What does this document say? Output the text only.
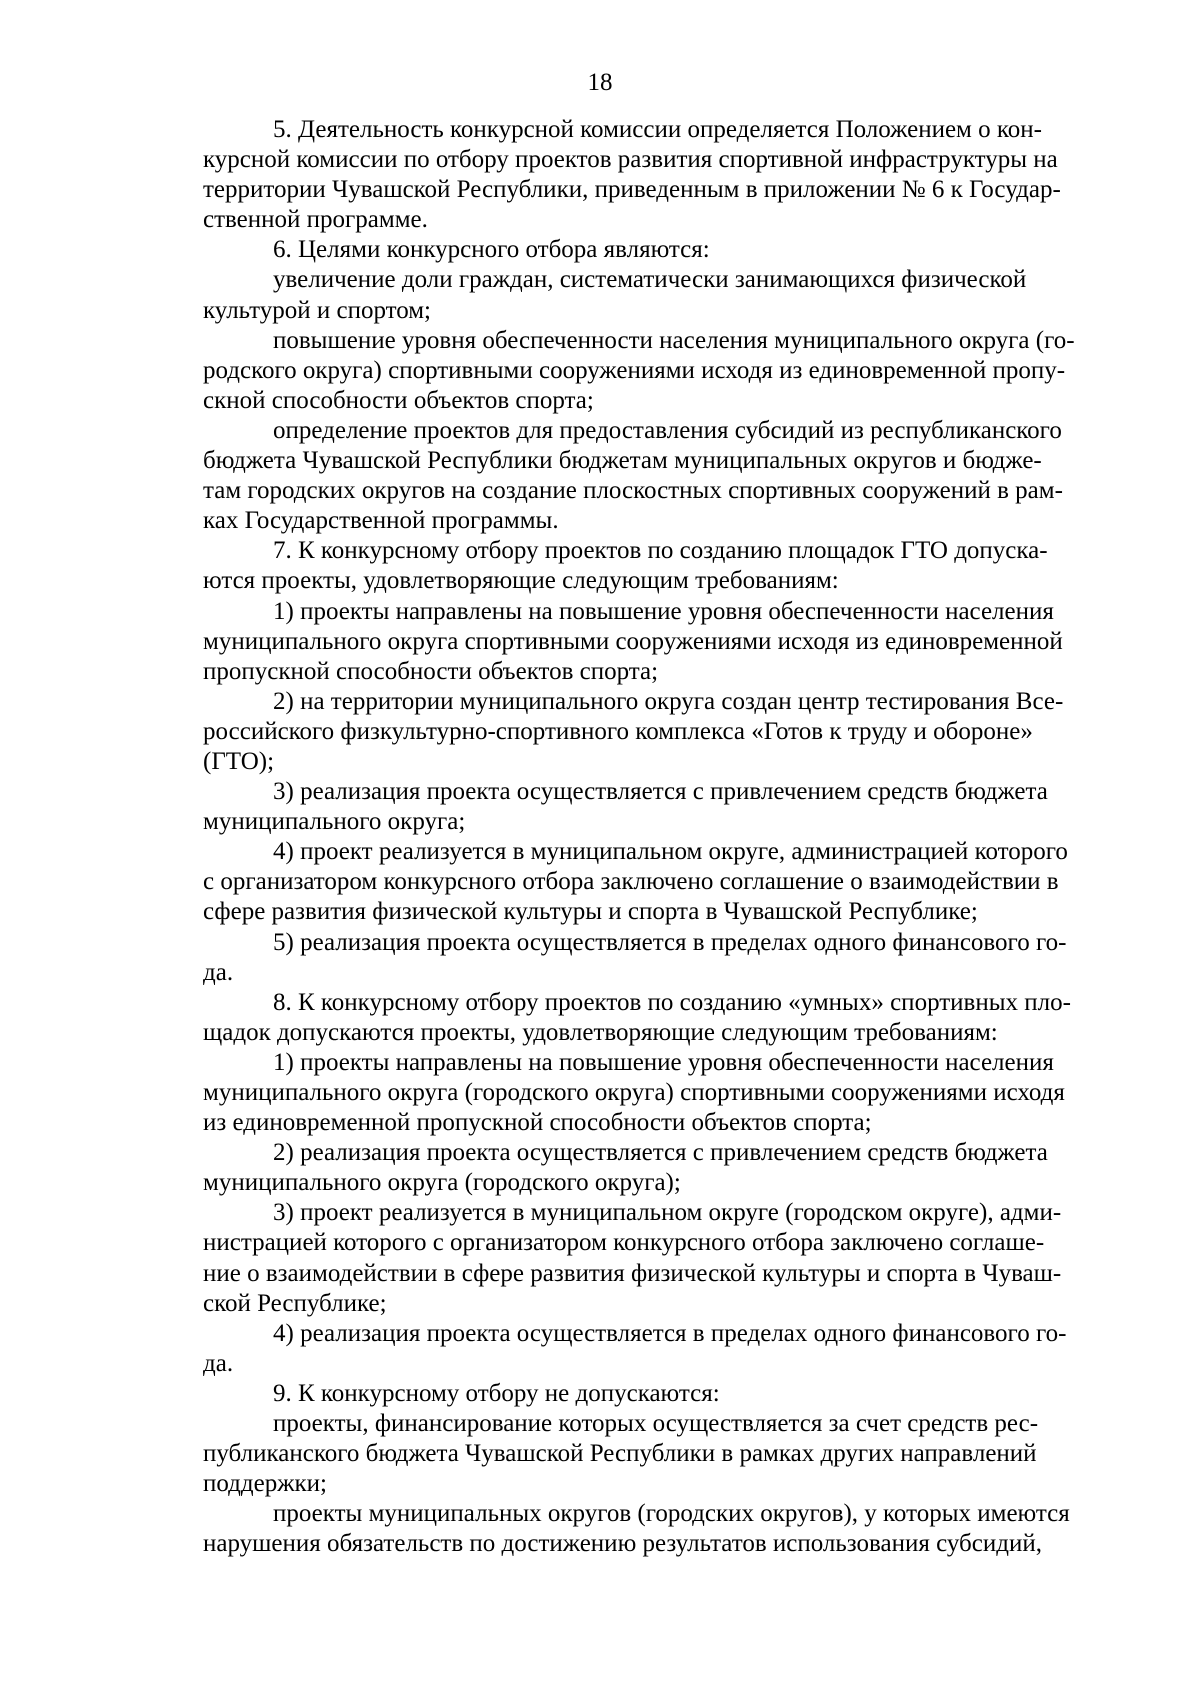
18

5. Деятельность конкурсной комиссии определяется Положением о кон-
курсной комиссии по отбору проектов развития спортивной инфраструктуры на
территории Чувашской Республики, приведенным в приложении № 6 к Государ-
ственной программе.

6. Целями конкурсного отбора являются:

увеличение доли граждан, систематически занимающихся физической
культурой и спортом;

повышение уровня обеспеченности населения муниципального округа (го-
родского округа) спортивными сооружениями исходя из единовременной пропу-
скной способности объектов спорта;

определение проектов для предоставления субсидий из республиканского
бюджета Чувашской Республики бюджетам муниципальных округов и бюдже-
там городских округов на создание плоскостных спортивных сооружений в рам-
ках Государственной программы.

7. К конкурсному отбору проектов по созданию площадок ГТО допуска-
ются проекты, удовлетворяющие следующим требованиям:

1) проекты направлены на повышение уровня обеспеченности населения
муниципального округа спортивными сооружениями исходя из единовременной
пропускной способности объектов спорта;

2) на территории муниципального округа создан центр тестирования Все-
российского физкультурно-спортивного комплекса «Готов к труду и обороне»
(ГТО);

3) реализация проекта осуществляется с привлечением средств бюджета
муниципального округа;

4) проект реализуется в муниципальном округе, администрацией которого
с организатором конкурсного отбора заключено соглашение о взаимодействии в
сфере развития физической культуры и спорта в Чувашской Республике;

5) реализация проекта осуществляется в пределах одного финансового го-
да.

8. К конкурсному отбору проектов по созданию «умных» спортивных пло-
щадок допускаются проекты, удовлетворяющие следующим требованиям:

1) проекты направлены на повышение уровня обеспеченности населения
муниципального округа (городского округа) спортивными сооружениями исходя
из единовременной пропускной способности объектов спорта;

2) реализация проекта осуществляется с привлечением средств бюджета
муниципального округа (городского округа);

3) проект реализуется в муниципальном округе (городском округе), адми-
нистрацией которого с организатором конкурсного отбора заключено соглаше-
ние о взаимодействии в сфере развития физической культуры и спорта в Чуваш-
ской Республике;

4) реализация проекта осуществляется в пределах одного финансового го-
да.

9. К конкурсному отбору не допускаются:

проекты, финансирование которых осуществляется за счет средств рес-
публиканского бюджета Чувашской Республики в рамках других направлений
поддержки;

проекты муниципальных округов (городских округов), у которых имеются
нарушения обязательств по достижению результатов использования субсидий,
